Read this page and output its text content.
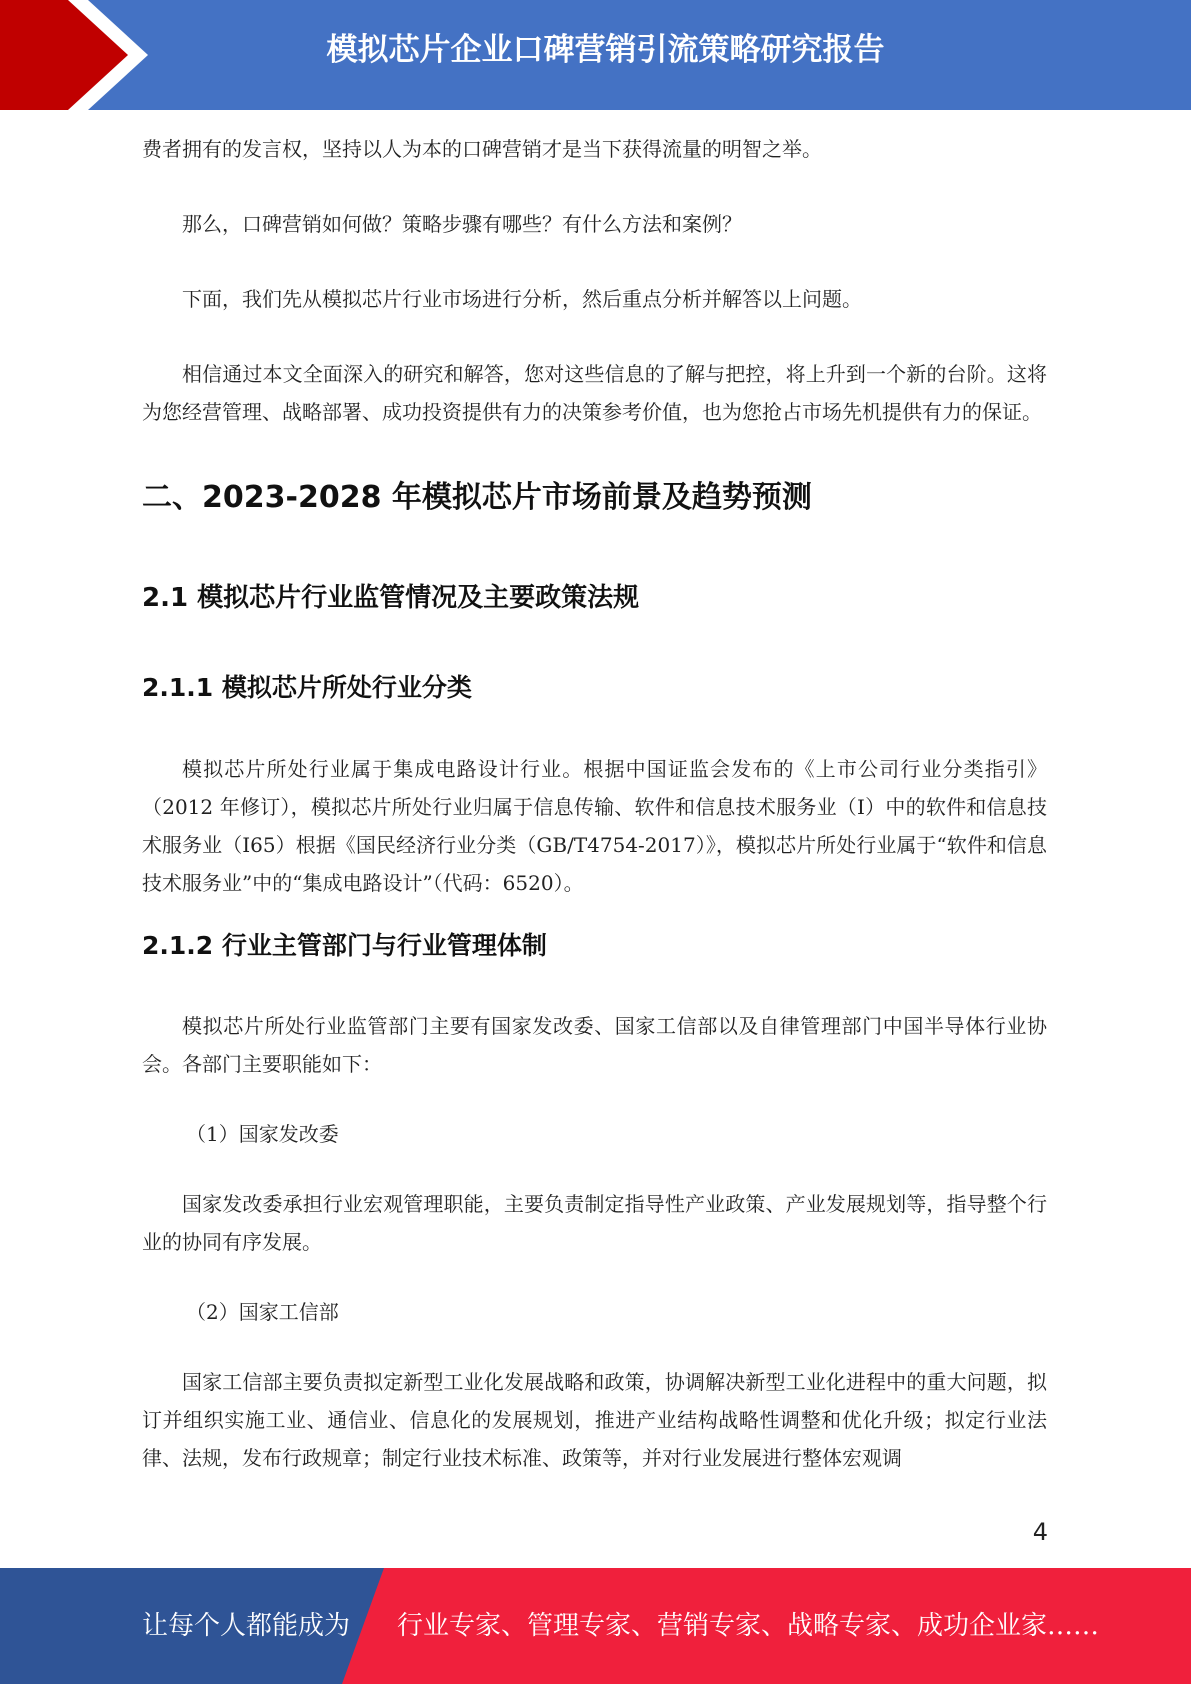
模拟芯片企业口碑营销引流策略研究报告

费者拥有的发言权，坚持以人为本的口碑营销才是当下获得流量的明智之举。

那么，口碑营销如何做？策略步骤有哪些？有什么方法和案例？

下面，我们先从模拟芯片行业市场进行分析，然后重点分析并解答以上问题。

相信通过本文全面深入的研究和解答，您对这些信息的了解与把控，将上升到一个新的台阶。这将为您经营管理、战略部署、成功投资提供有力的决策参考价值，也为您抢占市场先机提供有力的保证。

二、2023-2028 年模拟芯片市场前景及趋势预测
2.1 模拟芯片行业监管情况及主要政策法规
2.1.1 模拟芯片所处行业分类

模拟芯片所处行业属于集成电路设计行业。根据中国证监会发布的《上市公司行业分类指引》（2012 年修订），模拟芯片所处行业归属于信息传输、软件和信息技术服务业（I）中的软件和信息技术服务业（I65）根据《国民经济行业分类（GB/T4754-2017）》，模拟芯片所处行业属于“软件和信息技术服务业”中的“集成电路设计”（代码：6520）。

2.1.2 行业主管部门与行业管理体制

模拟芯片所处行业监管部门主要有国家发改委、国家工信部以及自律管理部门中国半导体行业协会。各部门主要职能如下：

（1）国家发改委

国家发改委承担行业宏观管理职能，主要负责制定指导性产业政策、产业发展规划等，指导整个行业的协同有序发展。

（2）国家工信部

国家工信部主要负责拟定新型工业化发展战略和政策，协调解决新型工业化进程中的重大问题，拟订并组织实施工业、通信业、信息化的发展规划，推进产业结构战略性调整和优化升级；拟定行业法律、法规，发布行政规章；制定行业技术标准、政策等，并对行业发展进行整体宏观调

4
让每个人都能成为 行业专家、管理专家、营销专家、战略专家、成功企业家……
